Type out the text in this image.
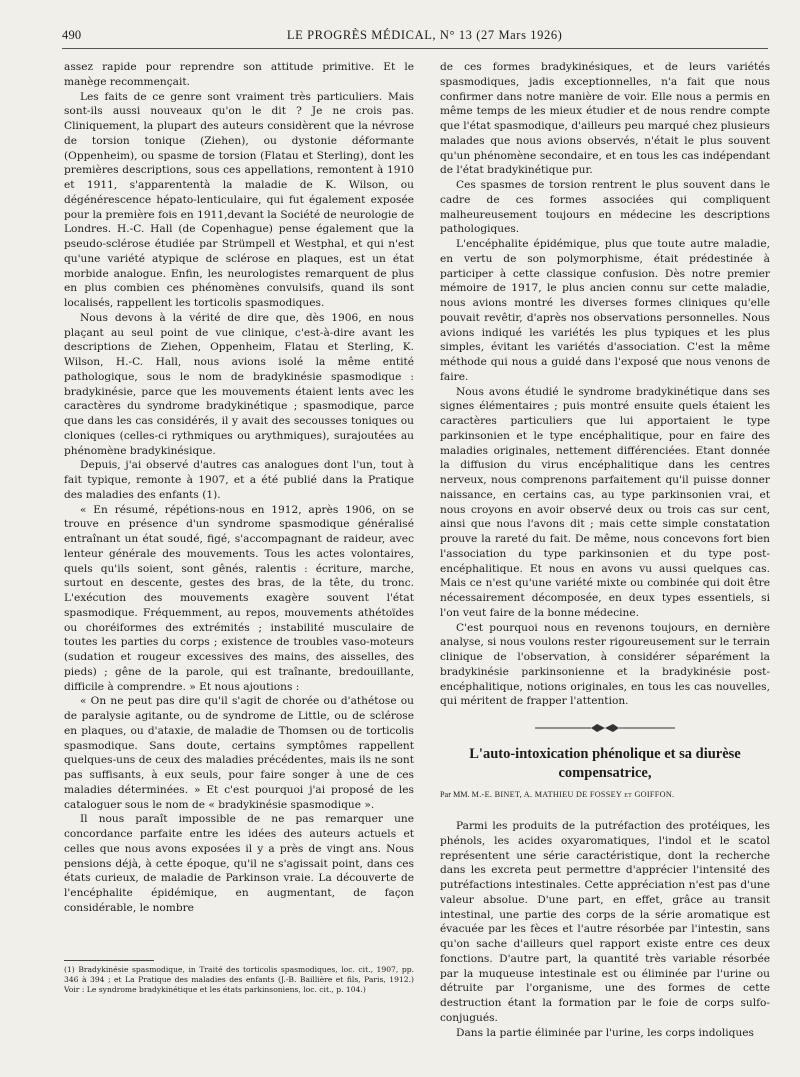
490	LE PROGRÈS MÉDICAL, N° 13 (27 Mars 1926)

assez rapide pour reprendre son attitude primitive. Et le manège recommençait.

Les faits de ce genre sont vraiment très particuliers. Mais sont-ils aussi nouveaux qu'on le dit ? Je ne crois pas. Cliniquement, la plupart des auteurs considèrent que la névrose de torsion tonique (Ziehen), ou dystonie déformante (Oppenheim), ou spasme de torsion (Flatau et Sterling), dont les premières descriptions, sous ces appellations, remontent à 1910 et 1911, s'apparententà la maladie de K. Wilson, ou dégénérescence hépato-lenticulaire, qui fut également exposée pour la première fois en 1911,devant la Société de neurologie de Londres. H.-C. Hall (de Copenhague) pense également que la pseudo-sclérose étudiée par Strümpell et Westphal, et qui n'est qu'une variété atypique de sclérose en plaques, est un état morbide analogue. Enfin, les neurologistes remarquent de plus en plus combien ces phénomènes convulsifs, quand ils sont localisés, rappellent les torticolis spasmodiques.

Nous devons à la vérité de dire que, dès 1906, en nous plaçant au seul point de vue clinique, c'est-à-dire avant les descriptions de Ziehen, Oppenheim, Flatau et Sterling, K. Wilson, H.-C. Hall, nous avions isolé la même entité pathologique, sous le nom de bradykinésie spasmodique : bradykinésie, parce que les mouvements étaient lents avec les caractères du syndrome bradykinétique ; spasmodique, parce que dans les cas considérés, il y avait des secousses toniques ou cloniques (celles-ci rythmiques ou arythmiques), surajoutées au phénomène bradykinésique.

Depuis, j'ai observé d'autres cas analogues dont l'un, tout à fait typique, remonte à 1907, et a été publié dans la Pratique des maladies des enfants (1).

« En résumé, répétions-nous en 1912, après 1906, on se trouve en présence d'un syndrome spasmodique généralisé entraînant un état soudé, figé, s'accompagnant de raideur, avec lenteur générale des mouvements. Tous les actes volontaires, quels qu'ils soient, sont gênés, ralentis : écriture, marche, surtout en descente, gestes des bras, de la tête, du tronc. L'exécution des mouvements exagère souvent l'état spasmodique. Fréquemment, au repos, mouvements athétoïdes ou choréiformes des extrémités ; instabilité musculaire de toutes les parties du corps ; existence de troubles vaso-moteurs (sudation et rougeur excessives des mains, des aisselles, des pieds) ; gêne de la parole, qui est traînante, bredouillante, difficile à comprendre. » Et nous ajoutions :

« On ne peut pas dire qu'il s'agit de chorée ou d'athétose ou de paralysie agitante, ou de syndrome de Little, ou de sclérose en plaques, ou d'ataxie, de maladie de Thomsen ou de torticolis spasmodique. Sans doute, certains symptômes rappellent quelques-uns de ceux des maladies précédentes, mais ils ne sont pas suffisants, à eux seuls, pour faire songer à une de ces maladies déterminées. » Et c'est pourquoi j'ai proposé de les cataloguer sous le nom de « bradykinésie spasmodique ».

Il nous paraît impossible de ne pas remarquer une concordance parfaite entre les idées des auteurs actuels et celles que nous avons exposées il y a près de vingt ans. Nous pensions déjà, à cette époque, qu'il ne s'agissait point, dans ces états curieux, de maladie de Parkinson vraie. La découverte de l'encéphalite épidémique, en augmentant, de façon considérable, le nombre

(1) Bradykinésie spasmodique, in Traité des torticolis spasmodiques, loc. cit., 1907, pp. 346 à 394 ; et La Pratique des maladies des enfants (J.-B. Baillière et fils, Paris, 1912.) Voir : Le syndrome bradykinétique et les états parkinsoniens, loc. cit., p. 104.)

de ces formes bradykinésiques, et de leurs variétés spasmodiques, jadis exceptionnelles, n'a fait que nous confirmer dans notre manière de voir. Elle nous a permis en même temps de les mieux étudier et de nous rendre compte que l'état spasmodique, d'ailleurs peu marqué chez plusieurs malades que nous avions observés, n'était le plus souvent qu'un phénomène secondaire, et en tous les cas indépendant de l'état bradykinétique pur.

Ces spasmes de torsion rentrent le plus souvent dans le cadre de ces formes associées qui compliquent malheureusement toujours en médecine les descriptions pathologiques.

L'encéphalite épidémique, plus que toute autre maladie, en vertu de son polymorphisme, était prédestinée à participer à cette classique confusion. Dès notre premier mémoire de 1917, le plus ancien connu sur cette maladie, nous avions montré les diverses formes cliniques qu'elle pouvait revêtir, d'après nos observations personnelles. Nous avions indiqué les variétés les plus typiques et les plus simples, évitant les variétés d'association. C'est la même méthode qui nous a guidé dans l'exposé que nous venons de faire.

Nous avons étudié le syndrome bradykinétique dans ses signes élémentaires ; puis montré ensuite quels étaient les caractères particuliers que lui apportaient le type parkinsonien et le type encéphalitique, pour en faire des maladies originales, nettement différenciées. Etant donnée la diffusion du virus encéphalitique dans les centres nerveux, nous comprenons parfaitement qu'il puisse donner naissance, en certains cas, au type parkinsonien vrai, et nous croyons en avoir observé deux ou trois cas sur cent, ainsi que nous l'avons dit ; mais cette simple constatation prouve la rareté du fait. De même, nous concevons fort bien l'association du type parkinsonien et du type post-encéphalitique. Et nous en avons vu aussi quelques cas. Mais ce n'est qu'une variété mixte ou combinée qui doit être nécessairement décomposée, en deux types essentiels, si l'on veut faire de la bonne médecine.

C'est pourquoi nous en revenons toujours, en dernière analyse, si nous voulons rester rigoureusement sur le terrain clinique de l'observation, à considérer séparément la bradykinésie parkinsonienne et la bradykinésie post-encéphalitique, notions originales, en tous les cas nouvelles, qui méritent de frapper l'attention.

L'auto-intoxication phénolique et sa diurèse compensatrice,
Par MM. M.-E. BINET, A. MATHIEU DE FOSSEY et GOIFFON.

Parmi les produits de la putréfaction des protéiques, les phénols, les acides oxyaromatiques, l'indol et le scatol représentent une série caractéristique, dont la recherche dans les excreta peut permettre d'apprécier l'intensité des putréfactions intestinales. Cette appréciation n'est pas d'une valeur absolue. D'une part, en effet, grâce au transit intestinal, une partie des corps de la série aromatique est évacuée par les fèces et l'autre résorbée par l'intestin, sans qu'on sache d'ailleurs quel rapport existe entre ces deux fonctions. D'autre part, la quantité très variable résorbée par la muqueuse intestinale est ou éliminée par l'urine ou détruite par l'organisme, une des formes de cette destruction étant la formation par le foie de corps sulfo-conjugués.

Dans la partie éliminée par l'urine, les corps indoliques
